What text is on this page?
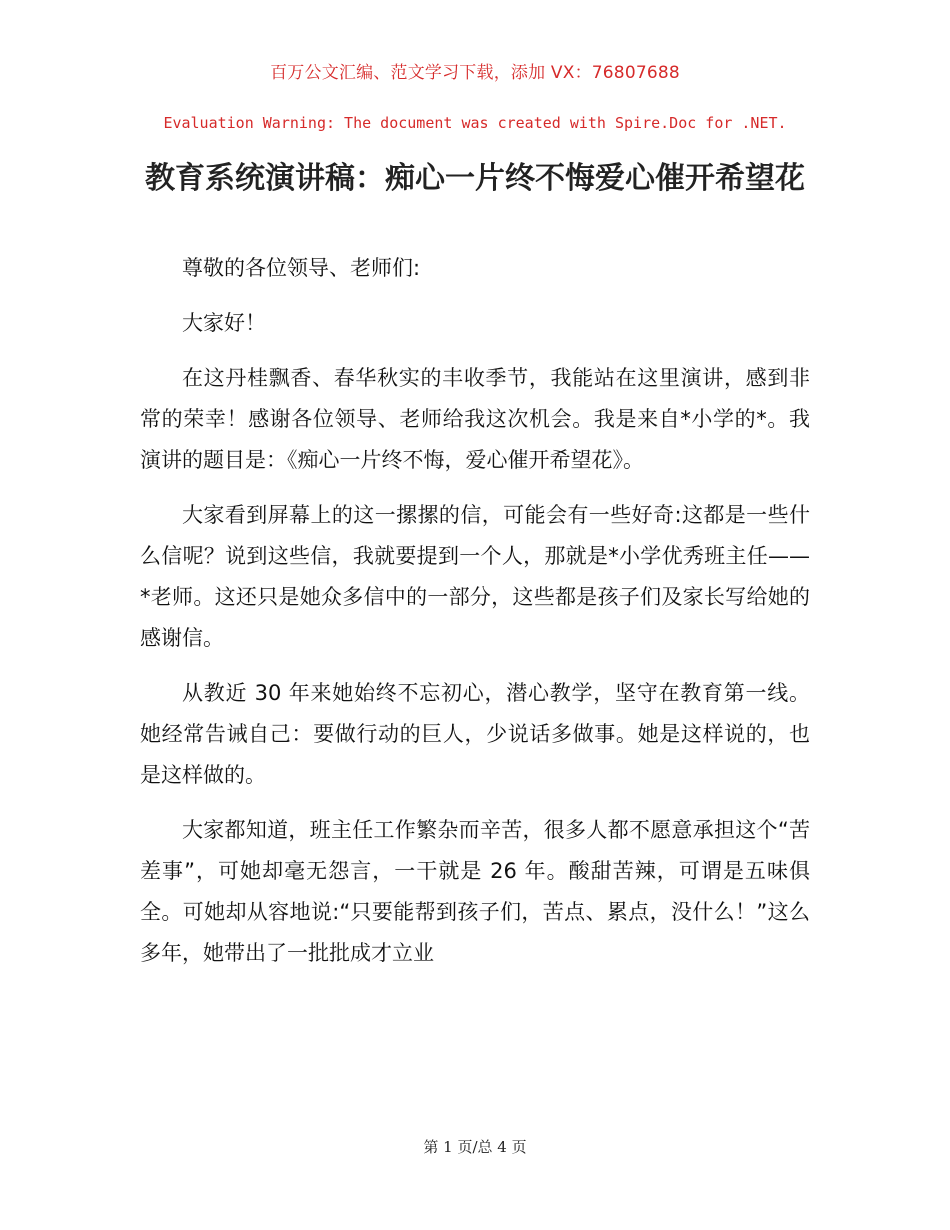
百万公文汇编、范文学习下载，添加 VX：76807688
Evaluation Warning: The document was created with Spire.Doc for .NET.
教育系统演讲稿：痴心一片终不悔爱心催开希望花

尊敬的各位领导、老师们:

大家好！

在这丹桂飘香、春华秋实的丰收季节，我能站在这里演讲，感到非常的荣幸！感谢各位领导、老师给我这次机会。我是来自*小学的*。我演讲的题目是：《痴心一片终不悔，爱心催开希望花》。

大家看到屏幕上的这一摞摞的信，可能会有一些好奇:这都是一些什么信呢？说到这些信，我就要提到一个人，那就是*小学优秀班主任——*老师。这还只是她众多信中的一部分，这些都是孩子们及家长写给她的感谢信。

从教近 30 年来她始终不忘初心，潜心教学，坚守在教育第一线。她经常告诫自己：要做行动的巨人，少说话多做事。她是这样说的，也是这样做的。

大家都知道，班主任工作繁杂而辛苦，很多人都不愿意承担这个“苦差事”，可她却毫无怨言，一干就是 26 年。酸甜苦辣，可谓是五味俱全。可她却从容地说:“只要能帮到孩子们，苦点、累点，没什么！”这么多年，她带出了一批批成才立业

第 1 页/总 4 页
